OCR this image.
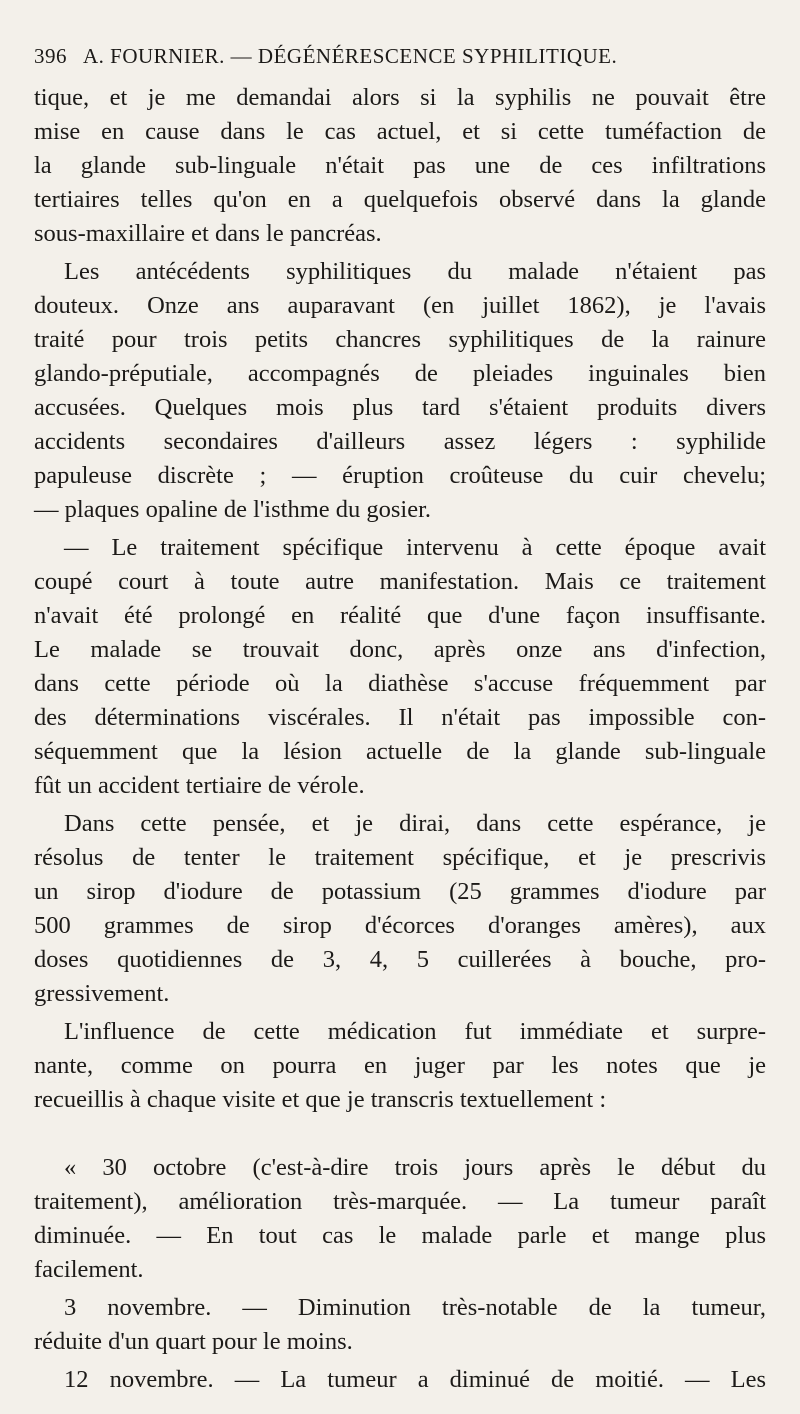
396 A. FOURNIER. — DÉGÉNÉRESCENCE SYPHILITIQUE.
tique, et je me demandai alors si la syphilis ne pouvait être
mise en cause dans le cas actuel, et si cette tuméfaction de
la glande sub-linguale n'était pas une de ces infiltrations
tertiaires telles qu'on en a quelquefois observé dans la glande
sous-maxillaire et dans le pancréas.
Les antécédents syphilitiques du malade n'étaient pas
douteux. Onze ans auparavant (en juillet 1862), je l'avais
traité pour trois petits chancres syphilitiques de la rainure
glando-préputiale, accompagnés de pleiades inguinales bien
accusées. Quelques mois plus tard s'étaient produits divers
accidents secondaires d'ailleurs assez légers : syphilide
papuleuse discrète ; — éruption croûteuse du cuir chevelu;
— plaques opaline de l'isthme du gosier.
— Le traitement spécifique intervenu à cette époque avait
coupé court à toute autre manifestation. Mais ce traitement
n'avait été prolongé en réalité que d'une façon insuffisante.
Le malade se trouvait donc, après onze ans d'infection,
dans cette période où la diathèse s'accuse fréquemment par
des déterminations viscérales. Il n'était pas impossible con-
séquemment que la lésion actuelle de la glande sub-linguale
fût un accident tertiaire de vérole.
Dans cette pensée, et je dirai, dans cette espérance, je
résolus de tenter le traitement spécifique, et je prescrivis
un sirop d'iodure de potassium (25 grammes d'iodure par
500 grammes de sirop d'écorces d'oranges amères), aux
doses quotidiennes de 3, 4, 5 cuillerées à bouche, pro-
gressivement.
L'influence de cette médication fut immédiate et surpre-
nante, comme on pourra en juger par les notes que je
recueillis à chaque visite et que je transcris textuellement :
« 30 octobre (c'est-à-dire trois jours après le début du
traitement), amélioration très-marquée. — La tumeur paraît
diminuée. — En tout cas le malade parle et mange plus
facilement.
3 novembre. — Diminution très-notable de la tumeur,
réduite d'un quart pour le moins.
12 novembre. — La tumeur a diminué de moitié. — Les
